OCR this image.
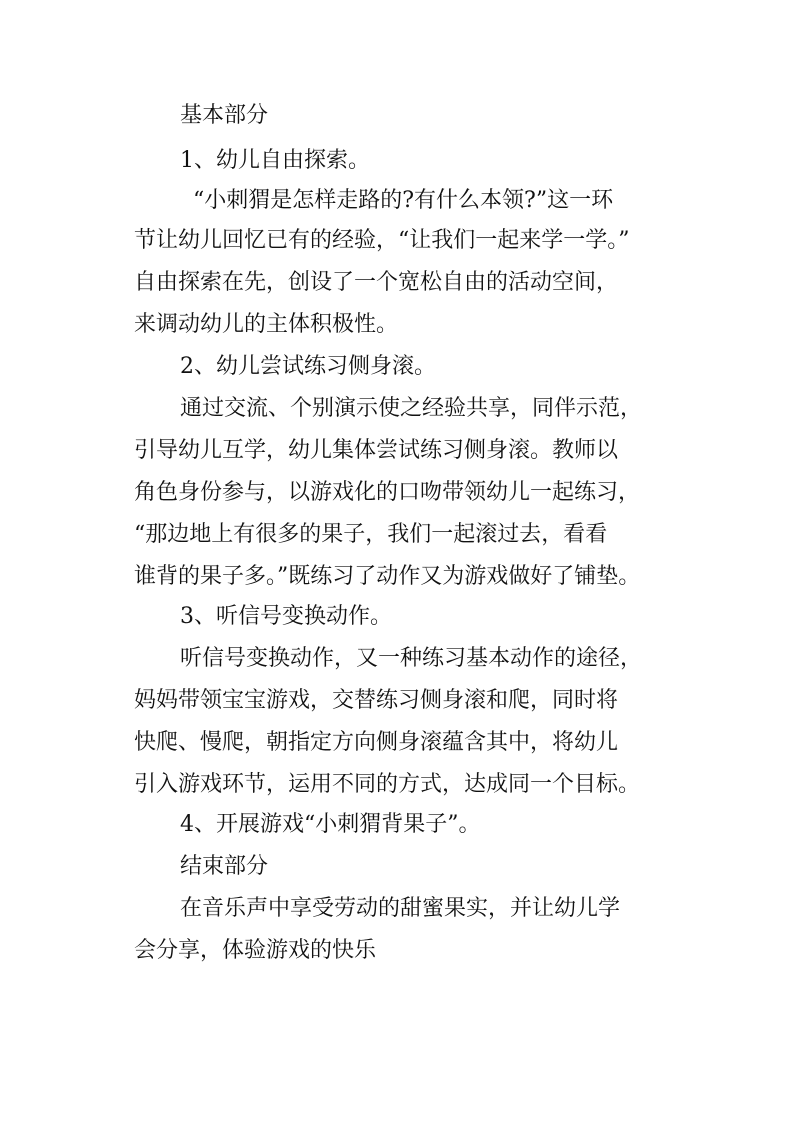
基本部分

1、幼儿自由探索。

“小刺猬是怎样走路的?有什么本领?”这一环

节让幼儿回忆已有的经验，“让我们一起来学一学。”

自由探索在先，创设了一个宽松自由的活动空间，

来调动幼儿的主体积极性。

2、幼儿尝试练习侧身滚。

通过交流、个别演示使之经验共享，同伴示范，

引导幼儿互学，幼儿集体尝试练习侧身滚。教师以

角色身份参与，以游戏化的口吻带领幼儿一起练习，

“那边地上有很多的果子，我们一起滚过去，看看

谁背的果子多。”既练习了动作又为游戏做好了铺垫。

3、听信号变换动作。

听信号变换动作，又一种练习基本动作的途径，

妈妈带领宝宝游戏，交替练习侧身滚和爬，同时将

快爬、慢爬，朝指定方向侧身滚蕴含其中，将幼儿

引入游戏环节，运用不同的方式，达成同一个目标。

4、开展游戏“小刺猬背果子”。

结束部分

在音乐声中享受劳动的甜蜜果实，并让幼儿学

会分享，体验游戏的快乐
